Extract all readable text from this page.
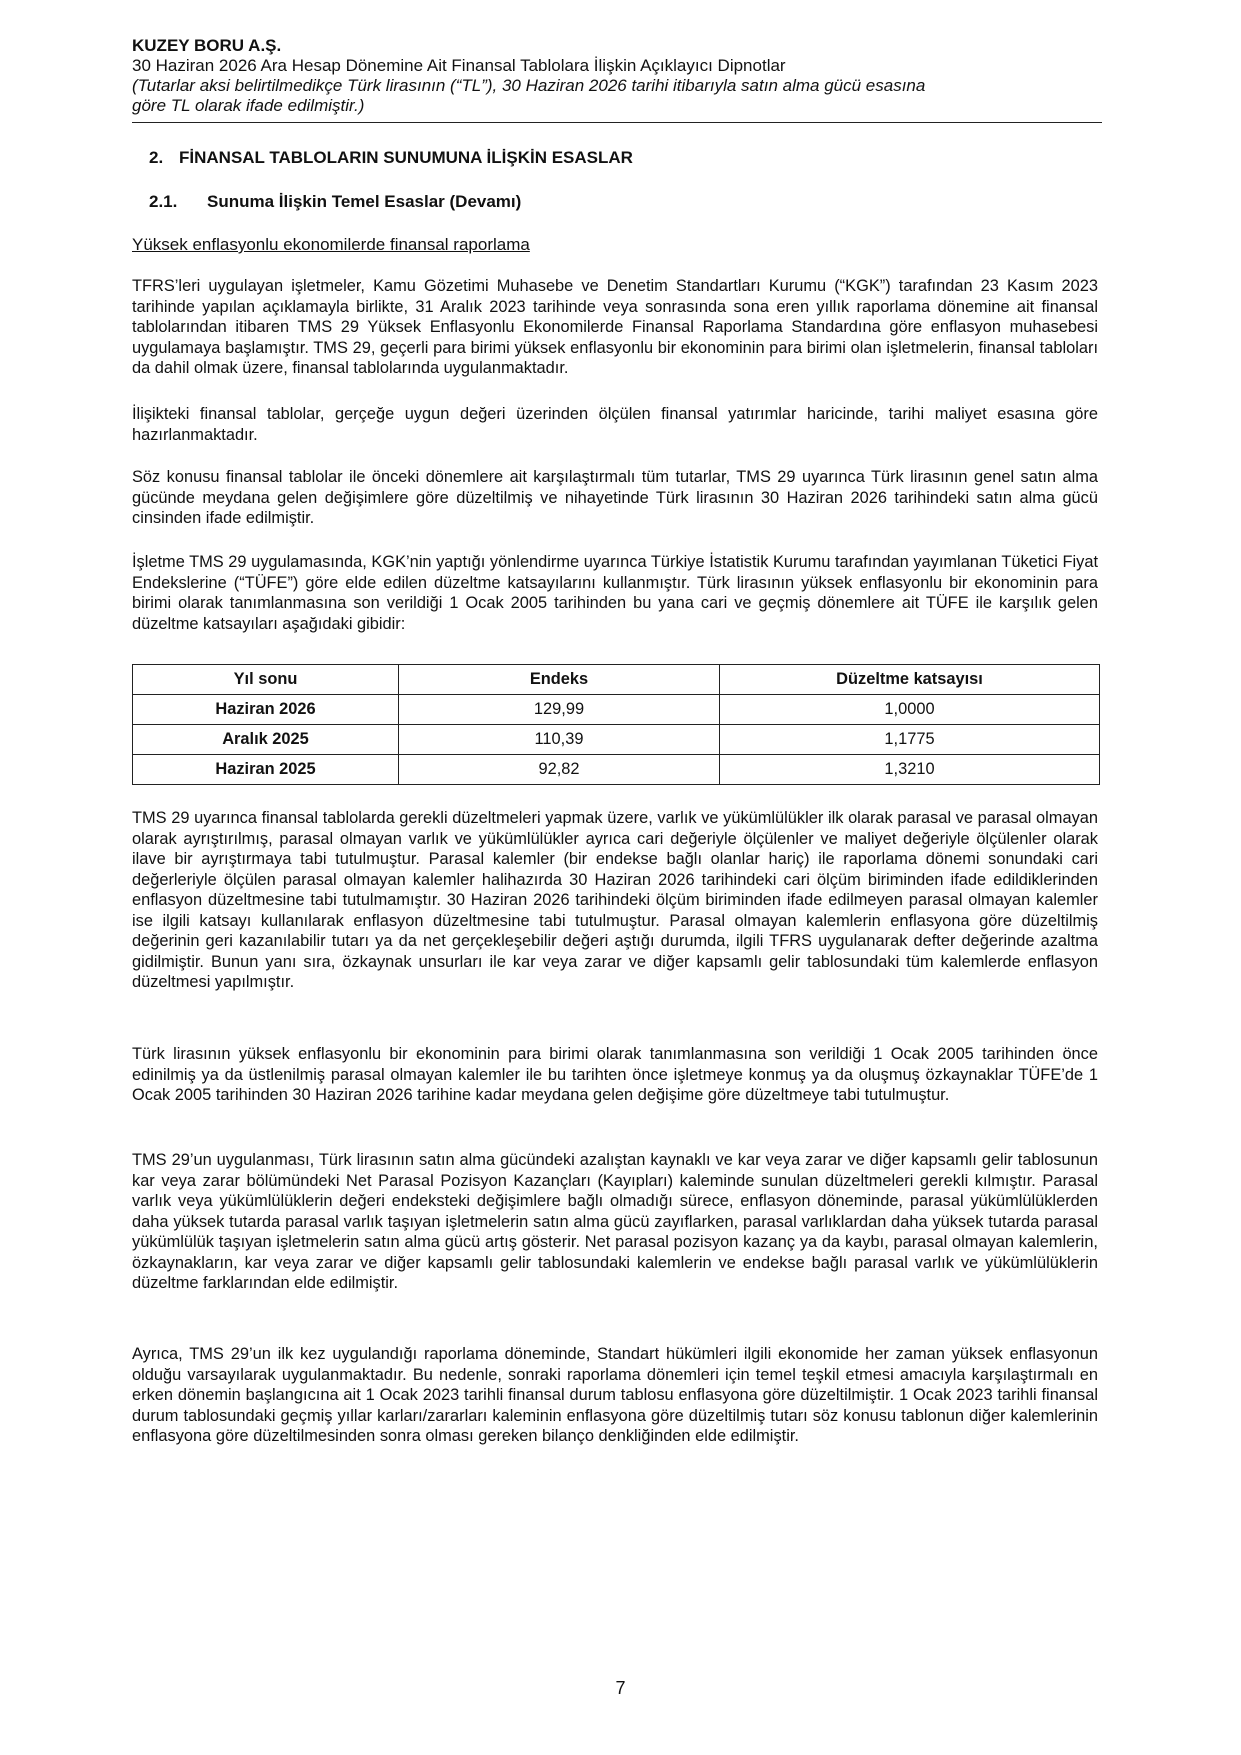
KUZEY BORU A.Ş.
30 Haziran 2026 Ara Hesap Dönemine Ait Finansal Tablolara İlişkin Açıklayıcı Dipnotlar
(Tutarlar aksi belirtilmedikçe Türk lirasının (“TL”), 30 Haziran 2026 tarihi itibarıyla satın alma gücü esasına
göre TL olarak ifade edilmiştir.)
2. FİNANSAL TABLOLARIN SUNUMUNA İLİŞKİN ESASLAR
2.1. Sunuma İlişkin Temel Esaslar (Devamı)
Yüksek enflasyonlu ekonomilerde finansal raporlama

TFRS’leri uygulayan işletmeler, Kamu Gözetimi Muhasebe ve Denetim Standartları Kurumu (“KGK”) tarafından 23 Kasım 2023 tarihinde yapılan açıklamayla birlikte, 31 Aralık 2023 tarihinde veya sonrasında sona eren yıllık raporlama dönemine ait finansal tablolarından itibaren TMS 29 Yüksek Enflasyonlu Ekonomilerde Finansal Raporlama Standardına göre enflasyon muhasebesi uygulamaya başlamıştır. TMS 29, geçerli para birimi yüksek enflasyonlu bir ekonominin para birimi olan işletmelerin, finansal tabloları da dahil olmak üzere, finansal tablolarında uygulanmaktadır.

İlişikteki finansal tablolar, gerçeğe uygun değeri üzerinden ölçülen finansal yatırımlar haricinde, tarihi maliyet esasına göre hazırlanmaktadır.

Söz konusu finansal tablolar ile önceki dönemlere ait karşılaştırmalı tüm tutarlar, TMS 29 uyarınca Türk lirasının genel satın alma gücünde meydana gelen değişimlere göre düzeltilmiş ve nihayetinde Türk lirasının 30 Haziran 2026 tarihindeki satın alma gücü cinsinden ifade edilmiştir.

İşletme TMS 29 uygulamasında, KGK’nin yaptığı yönlendirme uyarınca Türkiye İstatistik Kurumu tarafından yayımlanan Tüketici Fiyat Endekslerine (“TÜFE”) göre elde edilen düzeltme katsayılarını kullanmıştır. Türk lirasının yüksek enflasyonlu bir ekonominin para birimi olarak tanımlanmasına son verildiği 1 Ocak 2005 tarihinden bu yana cari ve geçmiş dönemlere ait TÜFE ile karşılık gelen düzeltme katsayıları aşağıdaki gibidir:

Yıl sonu	Endeks	Düzeltme katsayısı
Haziran 2026	129,99	1,0000
Aralık 2025	110,39	1,1775
Haziran 2025	92,82	1,3210

TMS 29 uyarınca finansal tablolarda gerekli düzeltmeleri yapmak üzere, varlık ve yükümlülükler ilk olarak parasal ve parasal olmayan olarak ayrıştırılmış, parasal olmayan varlık ve yükümlülükler ayrıca cari değeriyle ölçülenler ve maliyet değeriyle ölçülenler olarak ilave bir ayrıştırmaya tabi tutulmuştur. Parasal kalemler (bir endekse bağlı olanlar hariç) ile raporlama dönemi sonundaki cari değerleriyle ölçülen parasal olmayan kalemler halihazırda 30 Haziran 2026 tarihindeki cari ölçüm biriminden ifade edildiklerinden enflasyon düzeltmesine tabi tutulmamıştır. 30 Haziran 2026 tarihindeki ölçüm biriminden ifade edilmeyen parasal olmayan kalemler ise ilgili katsayı kullanılarak enflasyon düzeltmesine tabi tutulmuştur. Parasal olmayan kalemlerin enflasyona göre düzeltilmiş değerinin geri kazanılabilir tutarı ya da net gerçekleşebilir değeri aştığı durumda, ilgili TFRS uygulanarak defter değerinde azaltma gidilmiştir. Bunun yanı sıra, özkaynak unsurları ile kar veya zarar ve diğer kapsamlı gelir tablosundaki tüm kalemlerde enflasyon düzeltmesi yapılmıştır.

Türk lirasının yüksek enflasyonlu bir ekonominin para birimi olarak tanımlanmasına son verildiği 1 Ocak 2005 tarihinden önce edinilmiş ya da üstlenilmiş parasal olmayan kalemler ile bu tarihten önce işletmeye konmuş ya da oluşmuş özkaynaklar TÜFE’de 1 Ocak 2005 tarihinden 30 Haziran 2026 tarihine kadar meydana gelen değişime göre düzeltmeye tabi tutulmuştur.

TMS 29’un uygulanması, Türk lirasının satın alma gücündeki azalıştan kaynaklı ve kar veya zarar ve diğer kapsamlı gelir tablosunun kar veya zarar bölümündeki Net Parasal Pozisyon Kazançları (Kayıpları) kaleminde sunulan düzeltmeleri gerekli kılmıştır. Parasal varlık veya yükümlülüklerin değeri endeksteki değişimlere bağlı olmadığı sürece, enflasyon döneminde, parasal yükümlülüklerden daha yüksek tutarda parasal varlık taşıyan işletmelerin satın alma gücü zayıflarken, parasal varlıklardan daha yüksek tutarda parasal yükümlülük taşıyan işletmelerin satın alma gücü artış gösterir. Net parasal pozisyon kazanç ya da kaybı, parasal olmayan kalemlerin, özkaynakların, kar veya zarar ve diğer kapsamlı gelir tablosundaki kalemlerin ve endekse bağlı parasal varlık ve yükümlülüklerin düzeltme farklarından elde edilmiştir.

Ayrıca, TMS 29’un ilk kez uygulandığı raporlama döneminde, Standart hükümleri ilgili ekonomide her zaman yüksek enflasyonun olduğu varsayılarak uygulanmaktadır. Bu nedenle, sonraki raporlama dönemleri için temel teşkil etmesi amacıyla karşılaştırmalı en erken dönemin başlangıcına ait 1 Ocak 2023 tarihli finansal durum tablosu enflasyona göre düzeltilmiştir. 1 Ocak 2023 tarihli finansal durum tablosundaki geçmiş yıllar karları/zararları kaleminin enflasyona göre düzeltilmiş tutarı söz konusu tablonun diğer kalemlerinin enflasyona göre düzeltilmesinden sonra olması gereken bilanço denkliğinden elde edilmiştir.

7
